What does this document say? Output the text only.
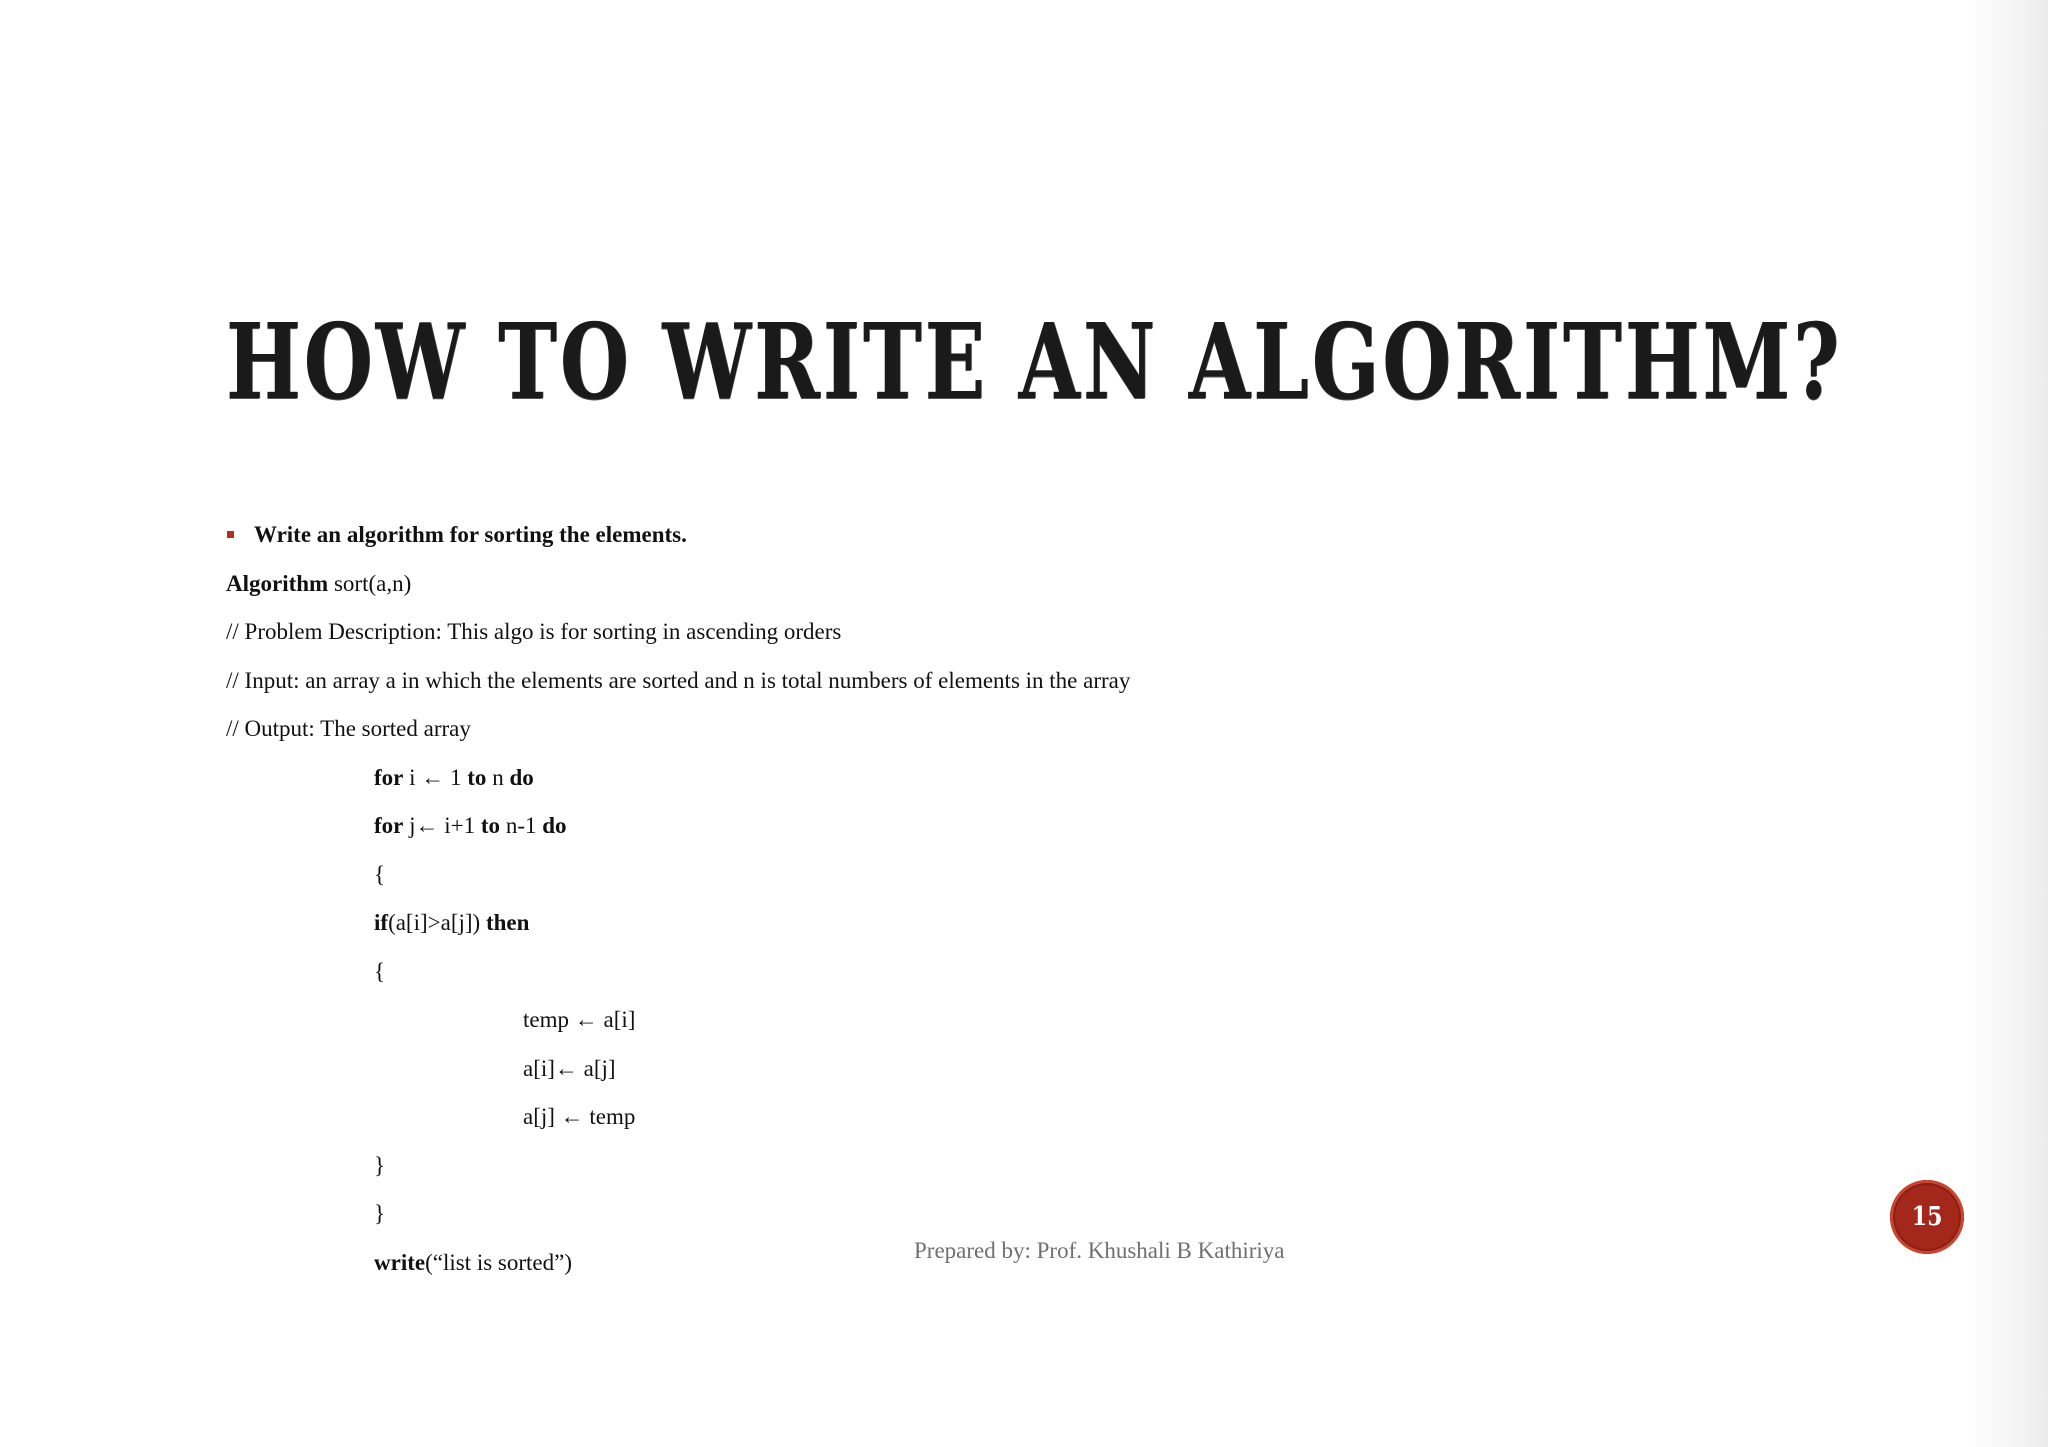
HOW TO WRITE AN ALGORITHM?
Write an algorithm for sorting the elements.
Algorithm sort(a,n)
// Problem Description: This algo is for sorting in ascending orders
// Input: an array a in which the elements are sorted and n is total numbers of elements in the array
// Output: The sorted array
for i ← 1 to n do
for j← i+1 to n-1 do
{
if(a[i]>a[j]) then
{
temp ← a[i]
a[i]← a[j]
a[j] ← temp
}
}
write(“list is sorted”)	Prepared by: Prof. Khushali B Kathiriya
15
